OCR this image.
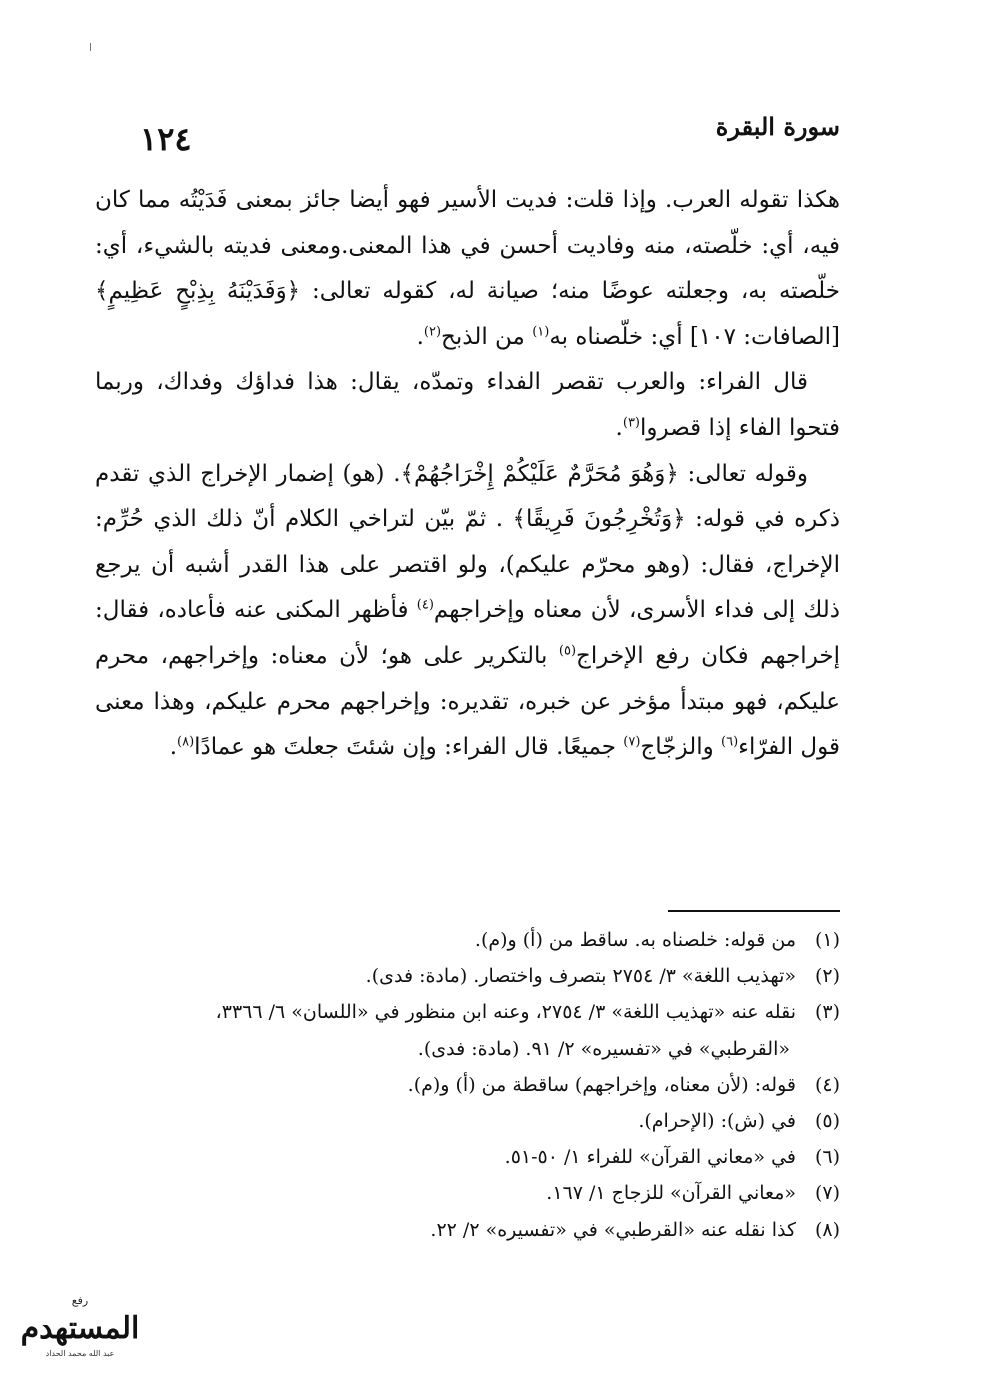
١٢٤	سورة البقرة

هكذا تقوله العرب. وإذا قلت: فديت الأسير فهو أيضا جائز بمعنى فَدَيْتُه مما كان فيه، أي: خلّصته، منه وفاديت أحسن في هذا المعنى.ومعنى فديته بالشيء، أي: خلّصته به، وجعلته عوضًا منه؛ صيانة له، كقوله تعالى: ﴿وَفَدَيْنَهُ بِذِبْحٍ عَظِيمٍ﴾ [الصافات: ١٠٧] أي: خلّصناه به$^{(١)}$ من الذبح$^{(٢)}$.

قال الفراء: والعرب تقصر الفداء وتمدّه، يقال: هذا فداؤك وفداك، وربما فتحوا الفاء إذا قصروا$^{(٣)}$.

وقوله تعالى: ﴿وَهُوَ مُحَرَّمٌ عَلَيْكُمْ إِخْرَاجُهُمْ﴾. (هو) إضمار الإخراج الذي تقدم ذكره في قوله: ﴿وَتُخْرِجُونَ فَرِيقًا﴾ . ثمّ بيّن لتراخي الكلام أنّ ذلك الذي حُرِّم: الإخراج، فقال: (وهو محرّم عليكم)، ولو اقتصر على هذا القدر أشبه أن يرجع ذلك إلى فداء الأسرى، لأن معناه وإخراجهم$^{(٤)}$ فأظهر المكنى عنه فأعاده، فقال: إخراجهم فكان رفع الإخراج$^{(٥)}$ بالتكرير على هو؛ لأن معناه: وإخراجهم، محرم عليكم، فهو مبتدأ مؤخر عن خبره، تقديره: وإخراجهم محرم عليكم، وهذا معنى قول الفرّاء$^{(٦)}$ والزجّاج$^{(٧)}$ جميعًا. قال الفراء: وإن شئتَ جعلتَ هو عمادًا$^{(٨)}$.

(١)من قوله: خلصناه به. ساقط من (أ) و(م).
(٢)«تهذيب اللغة» ٣/ ٢٧٥٤ بتصرف واختصار. (مادة: فدى).
(٣)نقله عنه «تهذيب اللغة» ٣/ ٢٧٥٤، وعنه ابن منظور في «اللسان» ٦/ ٣٣٦٦،
«القرطبي» في «تفسيره» ٢/ ٩١. (مادة: فدى).
(٤)قوله: (لأن معناه، وإخراجهم) ساقطة من (أ) و(م).
(٥)في (ش): (الإحرام).
(٦)في «معاني القرآن» للفراء ١/ ٥٠-٥١.
(٧)«معاني القرآن» للزجاج ١/ ١٦٧.
(٨)كذا نقله عنه «القرطبي» في «تفسيره» ٢/ ٢٢.
رفع
المستهدم
عبد الله محمد الحداد
